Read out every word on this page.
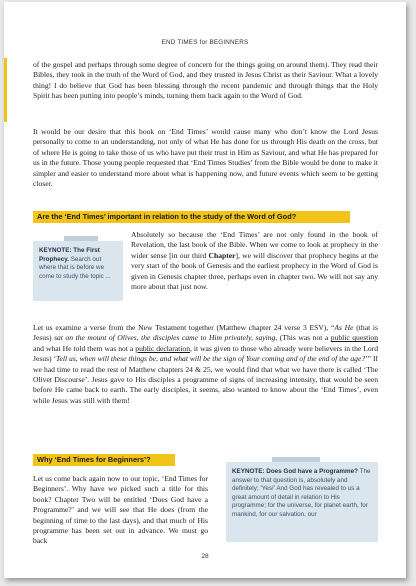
END TIMES for BEGINNERS

of the gospel and perhaps through some degree of concern for the things going on around them). They read their Bibles, they took in the truth of the Word of God, and they trusted in Jesus Christ as their Saviour. What a lovely thing! I do believe that God has been blessing through the recent pandemic and through things that the Holy Spirit has been putting into people’s minds, turning them back again to the Word of God.

It would be our desire that this book on ‘End Times’ would cause many who don’t know the Lord Jesus personally to come to an understanding, not only of what He has done for us through His death on the cross, but of where He is going to take those of us who have put their trust in Him as Saviour, and what He has prepared for us in the future. Those young people requested that ‘End Times Studies’ from the Bible would be done to make it simpler and easier to understand more about what is happening now, and future events which seem to be getting closer.

Are the ‘End Times’ important in relation to the study of the Word of God?
KEYNOTE: The First Prophecy. Search out where that is before we come to study the topic ...

Absolutely so because the ‘End Times’ are not only found in the book of Revelation, the last book of the Bible. When we come to look at prophecy in the wider sense [in our third Chapter], we will discover that prophecy begins at the very start of the book of Genesis and the earliest prophecy in the Word of God is given in Genesis chapter three, perhaps even in chapter two. We will not say any more about that just now.

Let us examine a verse from the New Testament together (Matthew chapter 24 verse 3 ESV), “As He (that is Jesus) sat on the mount of Olives, the disciples came to Him privately, saying, (This was not a public question and what He told them was not a public declaration, it was given to those who already were believers in the Lord Jesus) ‘Tell us, when will these things be, and what will be the sign of Your coming and of the end of the age?’” If we had time to read the rest of Matthew chapters 24 & 25, we would find that what we have there is called ‘The Olivet Discourse’. Jesus gave to His disciples a programme of signs of increasing intensity, that would be seen before He came back to earth. The early disciples, it seems, also wanted to know about the ‘End Times’, even while Jesus was still with them!

Why ‘End Times for Beginners’?

Let us come back again now to our topic, ‘End Times for Beginners’. Why have we picked such a title for this book? Chapter Two will be entitled ‘Does God have a Programme?’ and we will see that He does (from the beginning of time to the last days), and that much of His programme has been set out in advance. We must go back

KEYNOTE: Does God have a Programme? The answer to that question is, absolutely and definitely; ‘Yes!’ And God has revealed to us a great amount of detail in relation to His programme; for the universe, for planet earth, for mankind, for our salvation, our
28
